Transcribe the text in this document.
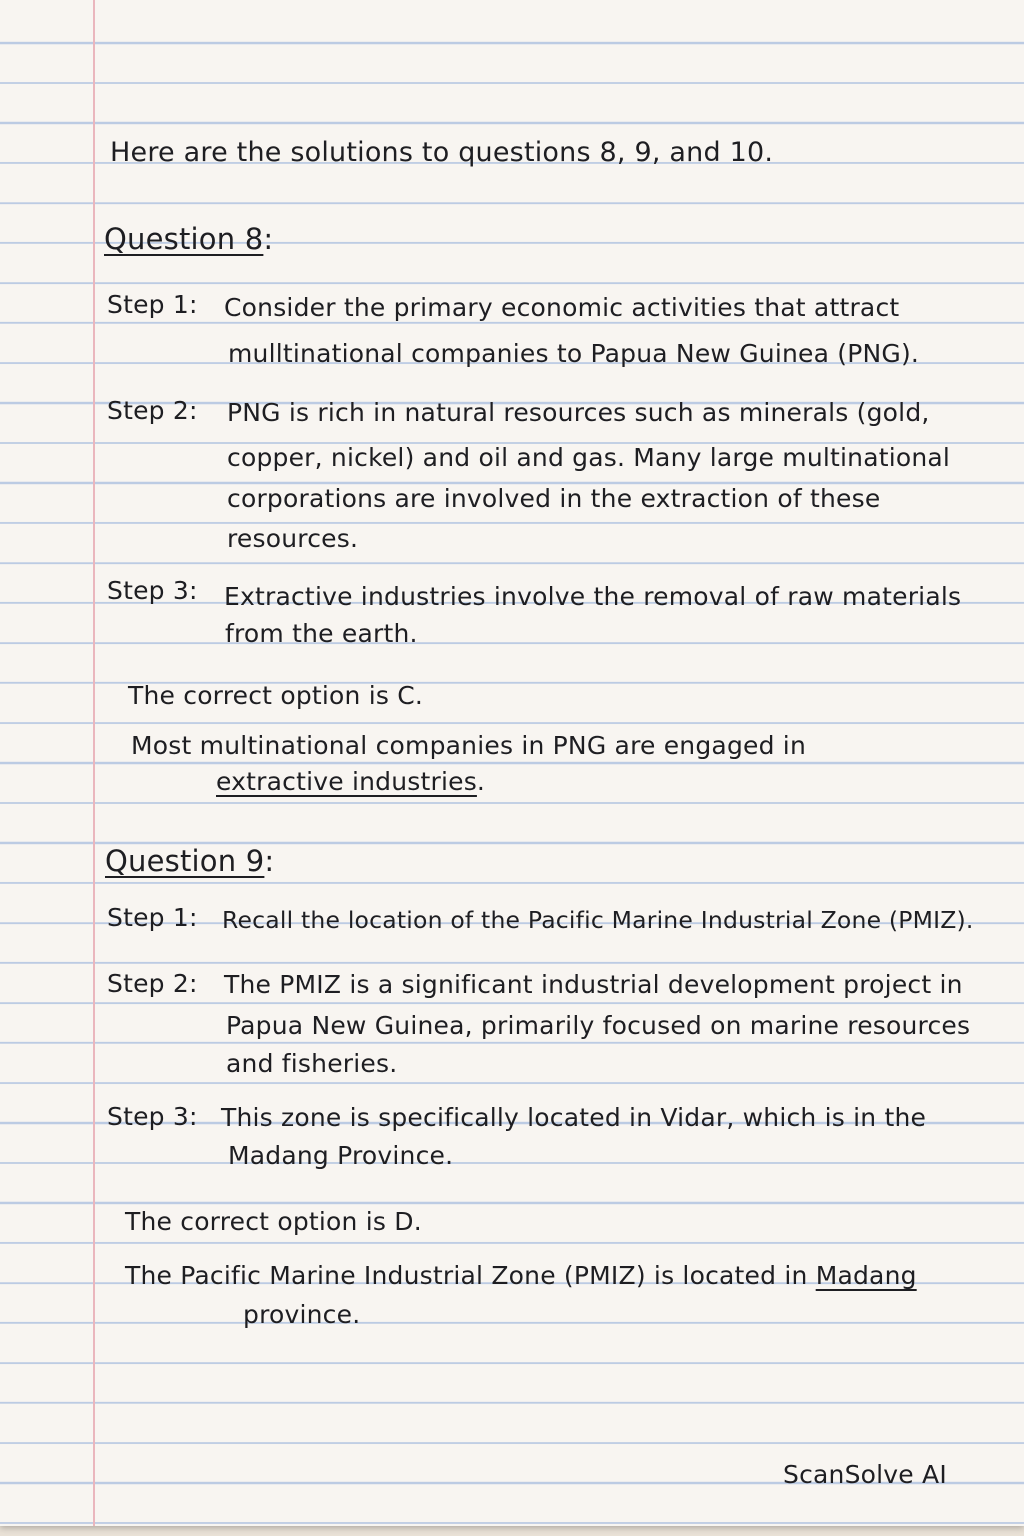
Here are the solutions to questions 8, 9, and 10.
Question 8:
Step 1: Consider the primary economic activities that attract
mulltinational companies to Papua New Guinea (PNG).
Step 2: PNG is rich in natural resources such as minerals (gold,
copper, nickel) and oil and gas. Many large multinational
corporations are involved in the extraction of these
resources.
Step 3: Extractive industries involve the removal of raw materials
from the earth.
The correct option is C.
Most multinational companies in PNG are engaged in
extractive industries.
Question 9:
Step 1: Recall the location of the Pacific Marine Industrial Zone (PMIZ).
Step 2: The PMIZ is a significant industrial development project in
Papua New Guinea, primarily focused on marine resources
and fisheries.
Step 3: This zone is specifically located in Vidar, which is in the
Madang Province.
The correct option is D.
The Pacific Marine Industrial Zone (PMIZ) is located in Madang
province.
ScanSolve AI
